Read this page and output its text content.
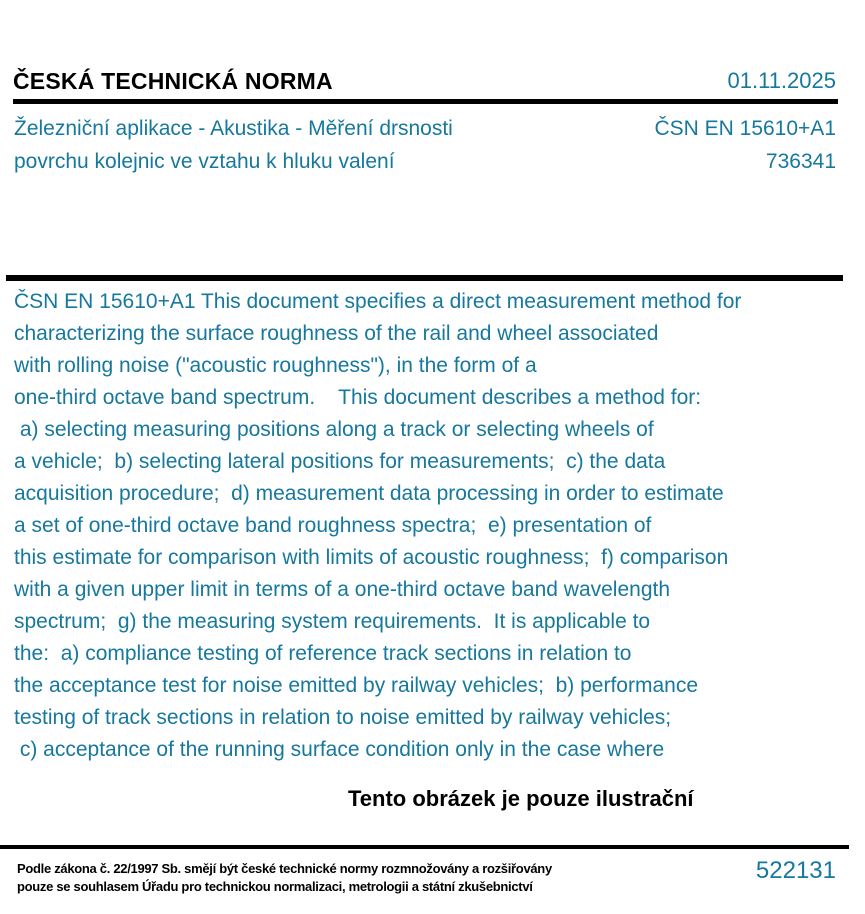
ČESKÁ TECHNICKÁ NORMA	01.11.2025
Železniční aplikace - Akustika - Měření drsnosti	ČSN EN 15610+A1
povrchu kolejnic ve vztahu k hluku valení	736341
ČSN EN 15610+A1 This document specifies a direct measurement method for
characterizing the surface roughness of the rail and wheel associated
with rolling noise ("acoustic roughness"), in the form of a
one-third octave band spectrum.    This document describes a method for:
a) selecting measuring positions along a track or selecting wheels of
a vehicle;  b) selecting lateral positions for measurements;  c) the data
acquisition procedure;  d) measurement data processing in order to estimate
a set of one-third octave band roughness spectra;  e) presentation of
this estimate for comparison with limits of acoustic roughness;  f) comparison
with a given upper limit in terms of a one-third octave band wavelength
spectrum;  g) the measuring system requirements.  It is applicable to
the:  a) compliance testing of reference track sections in relation to
the acceptance test for noise emitted by railway vehicles;  b) performance
testing of track sections in relation to noise emitted by railway vehicles;
c) acceptance of the running surface condition only in the case where
Tento obrázek je pouze ilustrační
Podle zákona č. 22/1997 Sb. smějí být české technické normy rozmnožovány a rozšiřovány
pouze se souhlasem Úřadu pro technickou normalizaci, metrologii a státní zkušebnictví
522131
